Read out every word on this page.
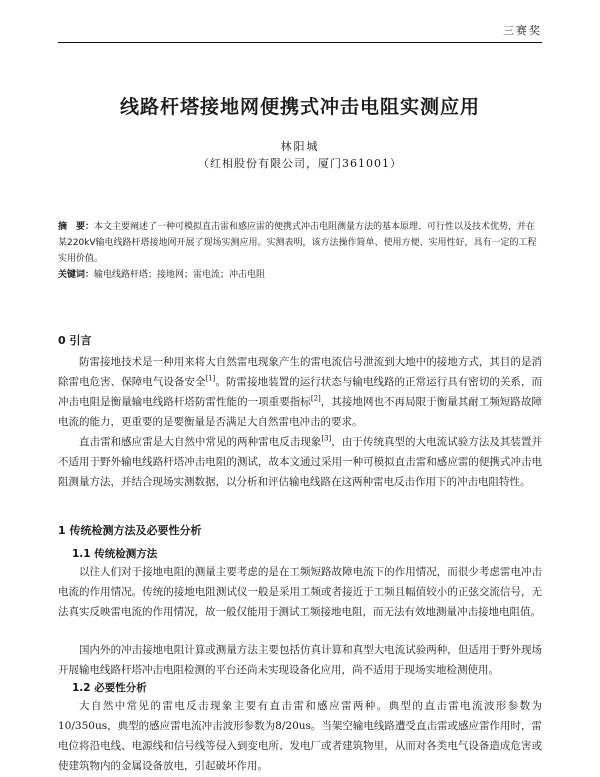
三赛奖
线路杆塔接地网便携式冲击电阻实测应用
林阳城
（红相股份有限公司，厦门361001）
摘　要：本文主要阐述了一种可模拟直击雷和感应雷的便携式冲击电阻测量方法的基本原理、可行性以及技术优势，并在某220kV输电线路杆塔接地网开展了现场实测应用。实测表明，该方法操作简单、使用方便、实用性好，具有一定的工程实用价值。
关键词：输电线路杆塔；接地网；雷电流；冲击电阻
0 引言
防雷接地技术是一种用来将大自然雷电现象产生的雷电流信号泄流到大地中的接地方式，其目的是消除雷电危害、保障电气设备安全[1]。防雷接地装置的运行状态与输电线路的正常运行具有密切的关系，而冲击电阻是衡量输电线路杆塔防雷性能的一项重要指标[2]，其接地网也不再局限于衡量其耐工频短路故障电流的能力，更重要的是要衡量是否满足大自然雷电冲击的要求。
直击雷和感应雷是大自然中常见的两种雷电反击现象[3]，由于传统真型的大电流试验方法及其装置并不适用于野外输电线路杆塔冲击电阻的测试，故本文通过采用一种可模拟直击雷和感应雷的便携式冲击电阻测量方法，并结合现场实测数据，以分析和评估输电线路在这两种雷电反击作用下的冲击电阻特性。
1 传统检测方法及必要性分析
1.1 传统检测方法
以往人们对于接地电阻的测量主要考虑的是在工频短路故障电流下的作用情况，而很少考虑雷电冲击电流的作用情况。传统的接地电阻测试仪一般是采用工频或者接近于工频且幅值较小的正弦交流信号，无法真实反映雷电流的作用情况，故一般仅能用于测试工频接地电阻，而无法有效地测量冲击接地电阻值。
国内外的冲击接地电阻计算或测量方法主要包括仿真计算和真型大电流试验两种，但适用于野外现场开展输电线路杆塔冲击电阻检测的平台还尚未实现设备化应用，尚不适用于现场实地检测使用。
1.2 必要性分析
大自然中常见的雷电反击现象主要有直击雷和感应雷两种。典型的直击雷电流波形参数为10/350us，典型的感应雷电流冲击波形参数为8/20us。当架空输电线路遭受直击雷或感应雷作用时，雷电位将沿电线、电源线和信号线等侵入到变电所、发电厂或者建筑物里，从而对各类电气设备造成危害或使建筑物内的金属设备放电，引起破坏作用。
